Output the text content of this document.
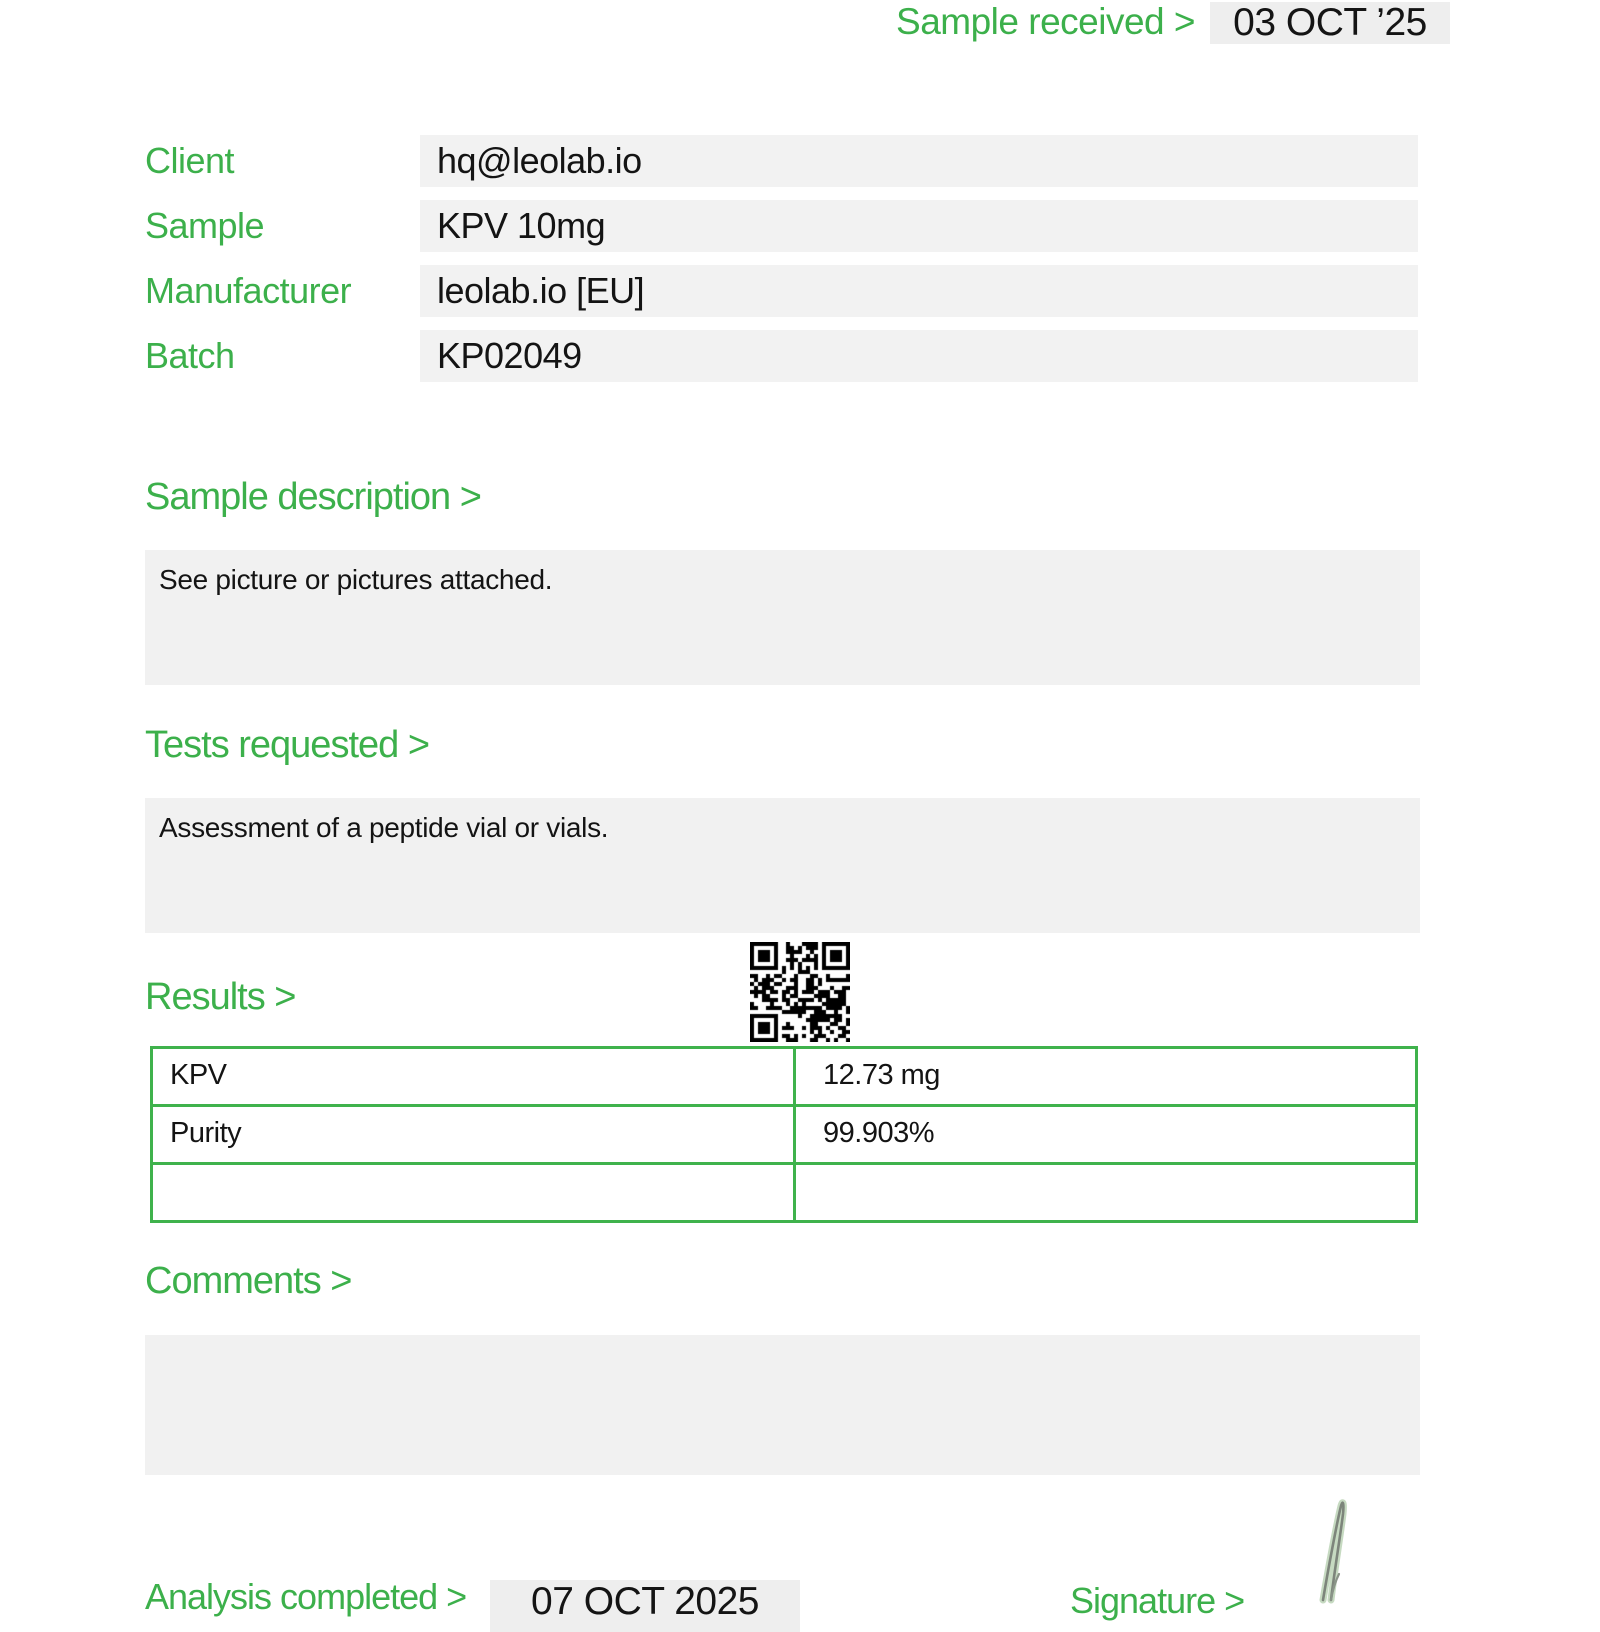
Sample received > 03 OCT ’25
Client	hq@leolab.io
Sample	KPV 10mg
Manufacturer	leolab.io [EU]
Batch	KP02049
Sample description >
See picture or pictures attached.
Tests requested >
Assessment of a peptide vial or vials.
Results >
KPV	12.73 mg
Purity	99.903%
Comments >
Analysis completed >	07 OCT 2025	Signature >
